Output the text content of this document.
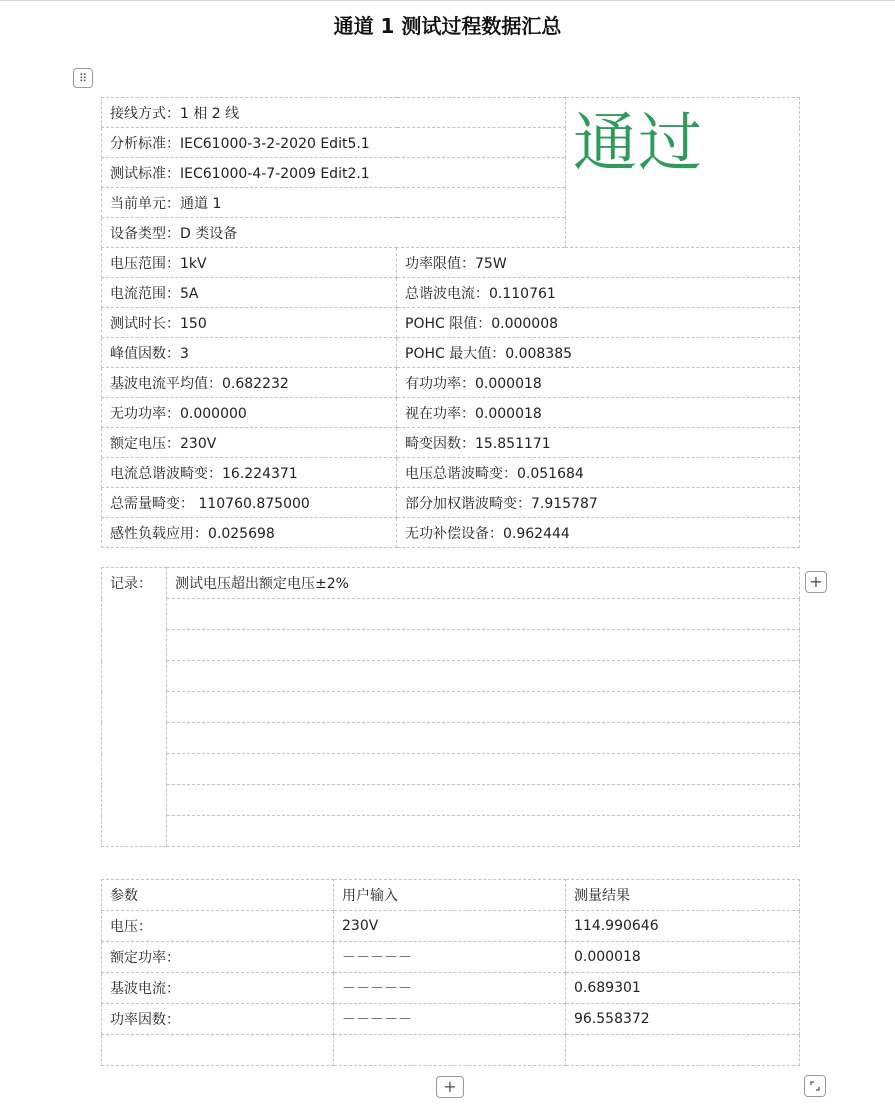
通道 1 测试过程数据汇总
⠿
接线方式：1 相 2 线		通过

分析标准：IEC61000-3-2-2020 Edit5.1		
测试标准：IEC61000-4-7-2009 Edit2.1		
当前单元：通道 1		
设备类型：D 类设备		
电压范围：1kV	功率限值：75W	
电流范围：5A	总谐波电流：0.110761	
测试时长：150	POHC 限值：0.000008	
峰值因数：3	POHC 最大值：0.008385	
基波电流平均值：0.682232	有功功率：0.000018	
无功功率：0.000000	视在功率：0.000018	
额定电压：230V	畸变因数：15.851171	
电流总谐波畸变：16.224371	电压总谐波畸变：0.051684	
总需量畸变： 110760.875000	部分加权谐波畸变：7.915787	
感性负载应用：0.025698	无功补偿设备：0.962444	
记录：	测试电压超出额定电压±2%

参数	用户输入	测量结果
电压：	230V	114.990646
额定功率：	－－－－－	0.000018
基波电流：	－－－－－	0.689301
功率因数：	－－－－－	96.558372

+
+
